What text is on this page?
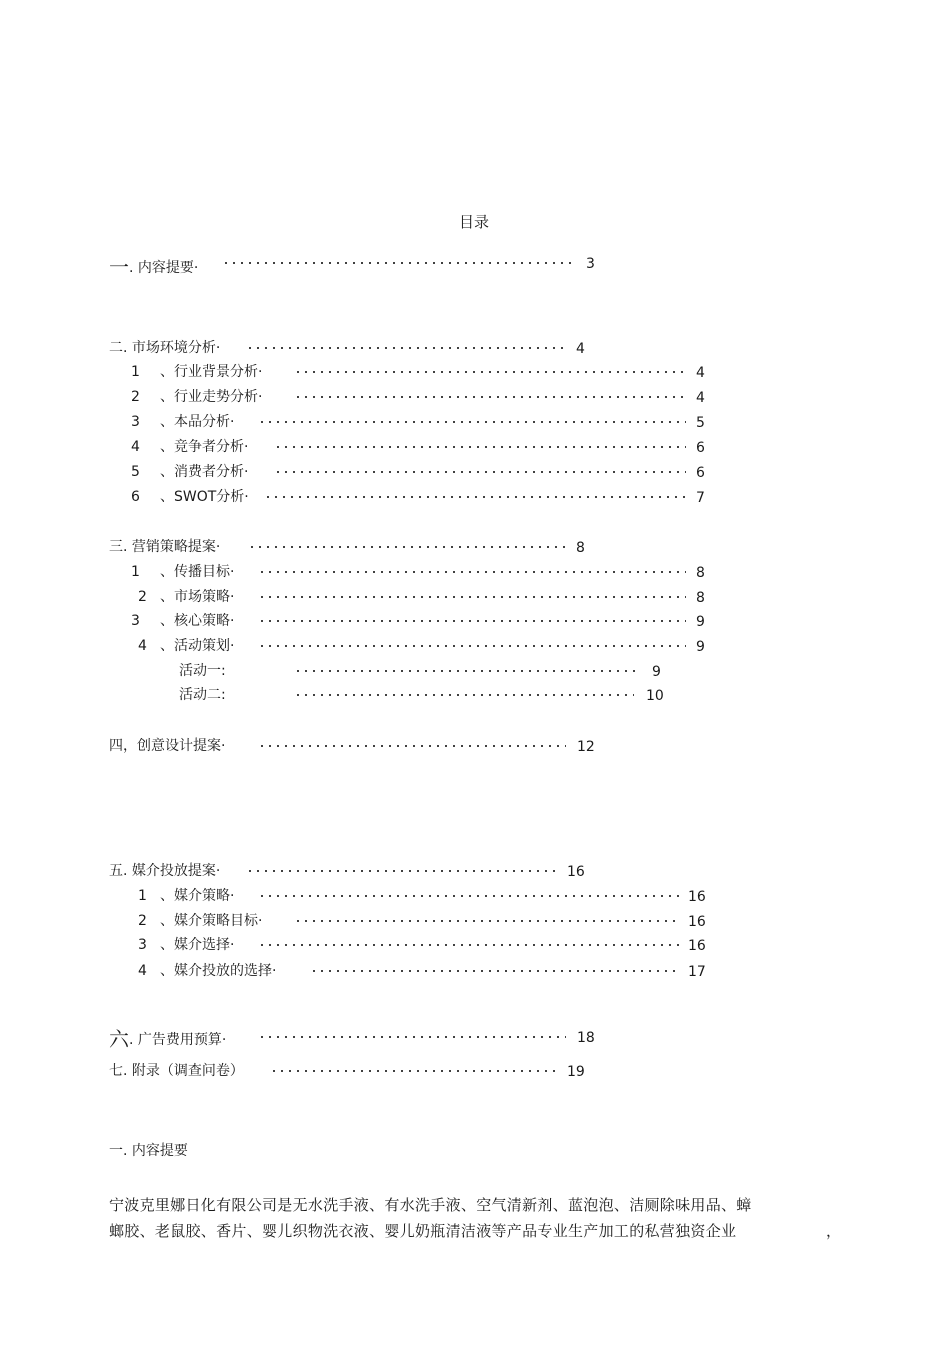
目录
一. 内容提要·	3
二. 市场环境分析·	4
1 、行业背景分析·	4
2 、行业走势分析·	4
3 、本品分析·	5
4 、竞争者分析·	6
5 、消费者分析·	6
6 、SWOT分析·	7
三. 营销策略提案·	8
1 、传播目标·	8
2 、市场策略·	8
3 、核心策略·	9
4 、活动策划·	9
活动一:	9
活动二:	10
四，创意设计提案·	12
五. 媒介投放提案·	16
1 、媒介策略·	16
2 、媒介策略目标·	16
3 、媒介选择·	16
4 、媒介投放的选择·	17
六. 广告费用预算·	18
七. 附录（调查问卷）	19
一. 内容提要
宁波克里娜日化有限公司是无水洗手液、有水洗手液、空气清新剂、蓝泡泡、洁厕除味用品、蟑
螂胶、老鼠胶、香片、婴儿织物洗衣液、婴儿奶瓶清洁液等产品专业生产加工的私营独资企业	，
